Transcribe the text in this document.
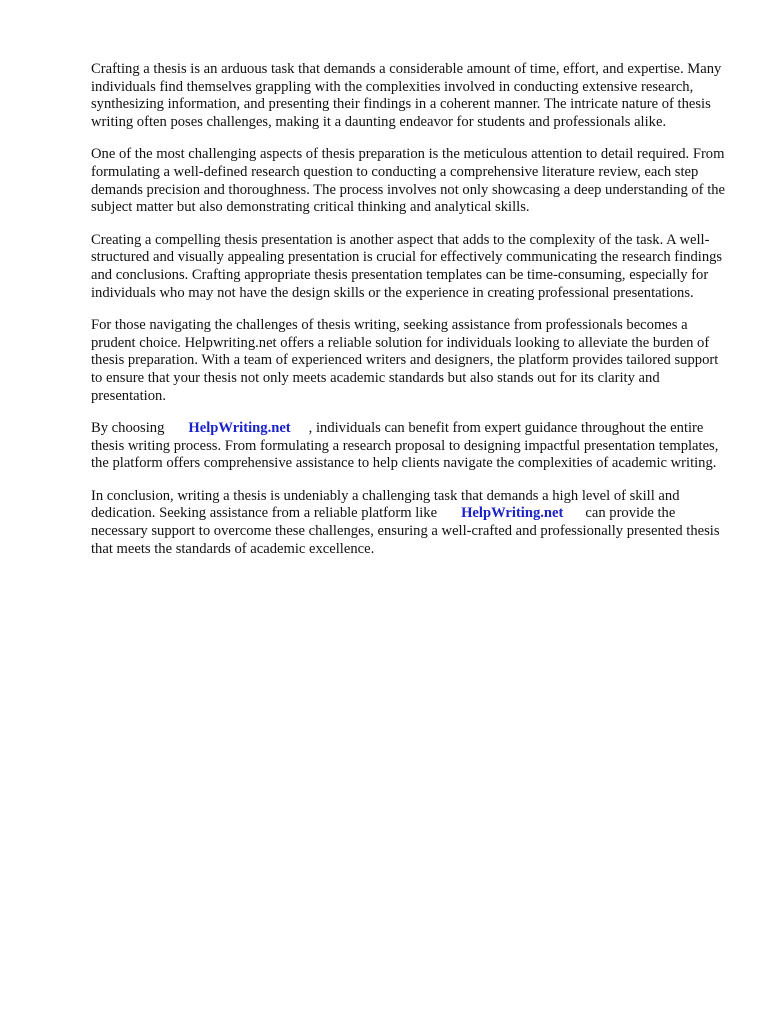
Crafting a thesis is an arduous task that demands a considerable amount of time, effort, and expertise. Many individuals find themselves grappling with the complexities involved in conducting extensive research, synthesizing information, and presenting their findings in a coherent manner. The intricate nature of thesis writing often poses challenges, making it a daunting endeavor for students and professionals alike.

One of the most challenging aspects of thesis preparation is the meticulous attention to detail required. From formulating a well-defined research question to conducting a comprehensive literature review, each step demands precision and thoroughness. The process involves not only showcasing a deep understanding of the subject matter but also demonstrating critical thinking and analytical skills.

Creating a compelling thesis presentation is another aspect that adds to the complexity of the task. A well-structured and visually appealing presentation is crucial for effectively communicating the research findings and conclusions. Crafting appropriate thesis presentation templates can be time-consuming, especially for individuals who may not have the design skills or the experience in creating professional presentations.

For those navigating the challenges of thesis writing, seeking assistance from professionals becomes a prudent choice. Helpwriting.net offers a reliable solution for individuals looking to alleviate the burden of thesis preparation. With a team of experienced writers and designers, the platform provides tailored support to ensure that your thesis not only meets academic standards but also stands out for its clarity and presentation.

By choosing HelpWriting.net , individuals can benefit from expert guidance throughout the entire thesis writing process. From formulating a research proposal to designing impactful presentation templates, the platform offers comprehensive assistance to help clients navigate the complexities of academic writing.

In conclusion, writing a thesis is undeniably a challenging task that demands a high level of skill and dedication. Seeking assistance from a reliable platform like HelpWriting.net can provide the necessary support to overcome these challenges, ensuring a well-crafted and professionally presented thesis that meets the standards of academic excellence.
